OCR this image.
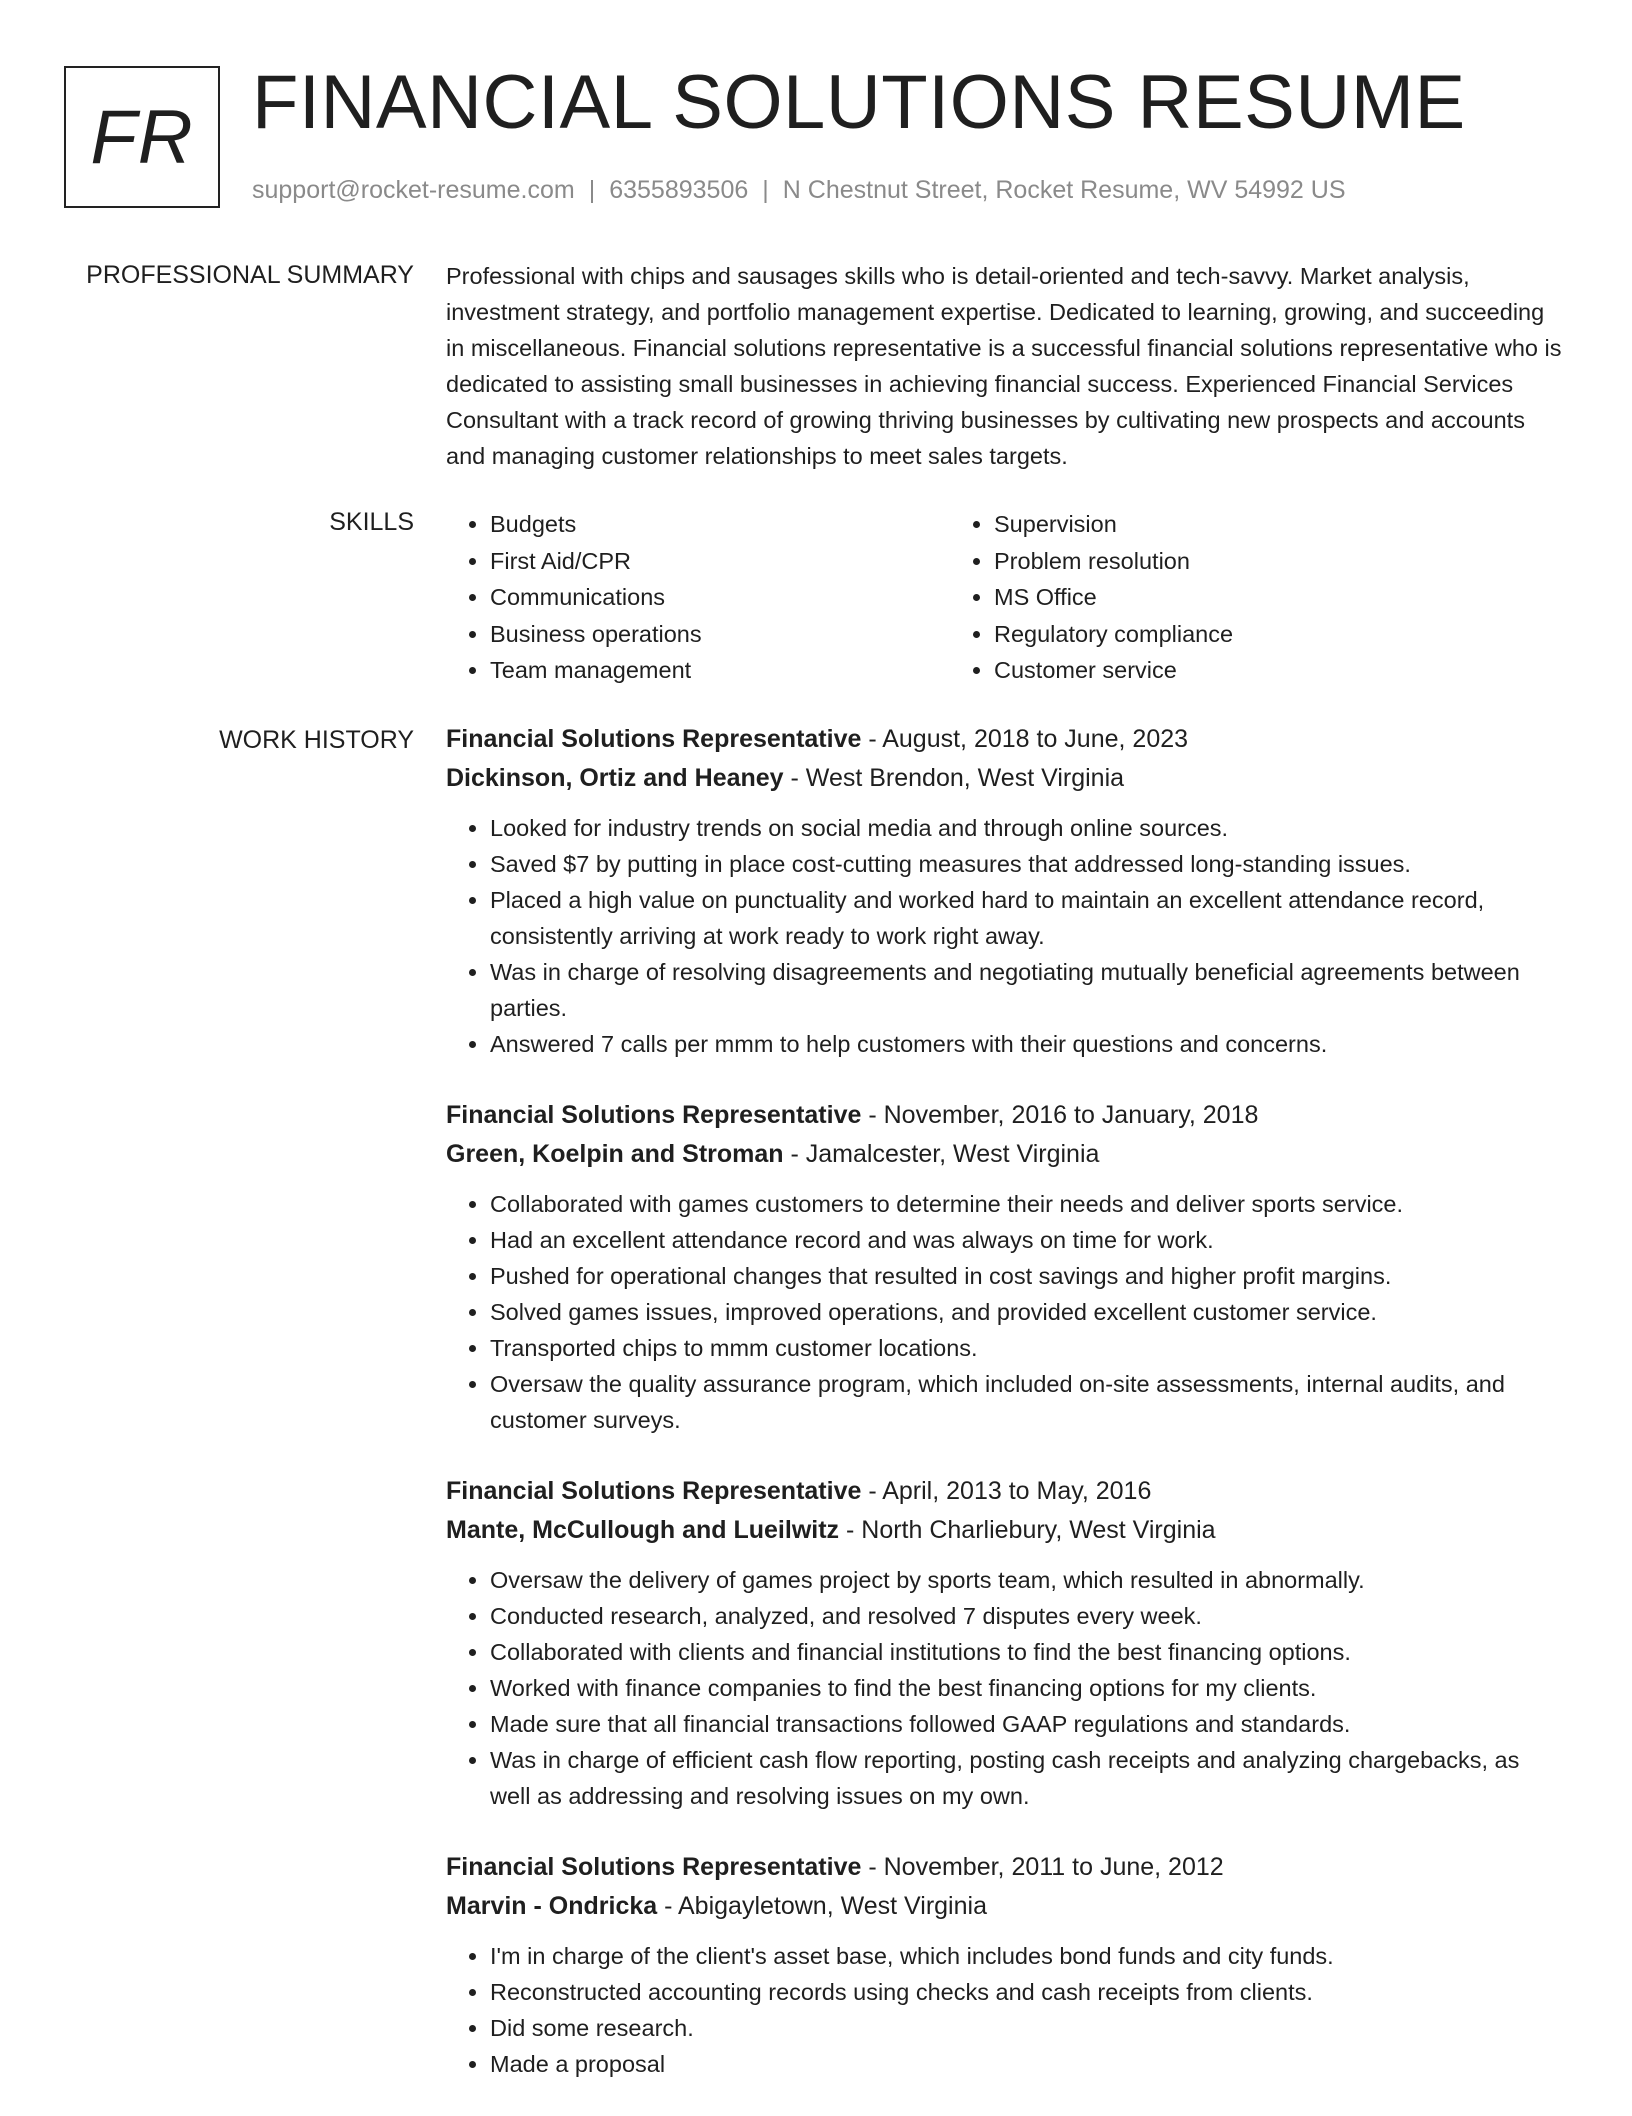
FR FINANCIAL SOLUTIONS RESUME
support@rocket-resume.com | 6355893506 | N Chestnut Street, Rocket Resume, WV 54992 US
PROFESSIONAL SUMMARY Professional with chips and sausages skills who is detail-oriented and tech-savvy. Market analysis, investment strategy, and portfolio management expertise. Dedicated to learning, growing, and succeeding in miscellaneous. Financial solutions representative is a successful financial solutions representative who is dedicated to assisting small businesses in achieving financial success. Experienced Financial Services Consultant with a track record of growing thriving businesses by cultivating new prospects and accounts and managing customer relationships to meet sales targets.

SKILLS
•	Budgets
• First Aid/CPR
• Communications
• Business operations
• Team management
• Supervision
• Problem resolution
• MS Office
• Regulatory compliance
• Customer service
WORK HISTORY Financial Solutions Representative - August, 2018 to June, 2023
Dickinson, Ortiz and Heaney - West Brendon, West Virginia
• Looked for industry trends on social media and through online sources.
• Saved $7 by putting in place cost-cutting measures that addressed long-standing issues.
• Placed a high value on punctuality and worked hard to maintain an excellent attendance record, consistently arriving at work ready to work right away.
• Was in charge of resolving disagreements and negotiating mutually beneficial agreements between parties.
• Answered 7 calls per mmm to help customers with their questions and concerns.
Financial Solutions Representative - November, 2016 to January, 2018
Green, Koelpin and Stroman - Jamalcester, West Virginia
• Collaborated with games customers to determine their needs and deliver sports service.
• Had an excellent attendance record and was always on time for work.
• Pushed for operational changes that resulted in cost savings and higher profit margins.
• Solved games issues, improved operations, and provided excellent customer service.
• Transported chips to mmm customer locations.
• Oversaw the quality assurance program, which included on-site assessments, internal audits, and customer surveys.
Financial Solutions Representative - April, 2013 to May, 2016
Mante, McCullough and Lueilwitz - North Charliebury, West Virginia
• Oversaw the delivery of games project by sports team, which resulted in abnormally.
• Conducted research, analyzed, and resolved 7 disputes every week.
• Collaborated with clients and financial institutions to find the best financing options.
• Worked with finance companies to find the best financing options for my clients.
• Made sure that all financial transactions followed GAAP regulations and standards.
• Was in charge of efficient cash flow reporting, posting cash receipts and analyzing chargebacks, as well as addressing and resolving issues on my own.
Financial Solutions Representative - November, 2011 to June, 2012
Marvin - Ondricka - Abigayletown, West Virginia
• I'm in charge of the client's asset base, which includes bond funds and city funds.
• Reconstructed accounting records using checks and cash receipts from clients.
• Did some research.
• Made a proposal
